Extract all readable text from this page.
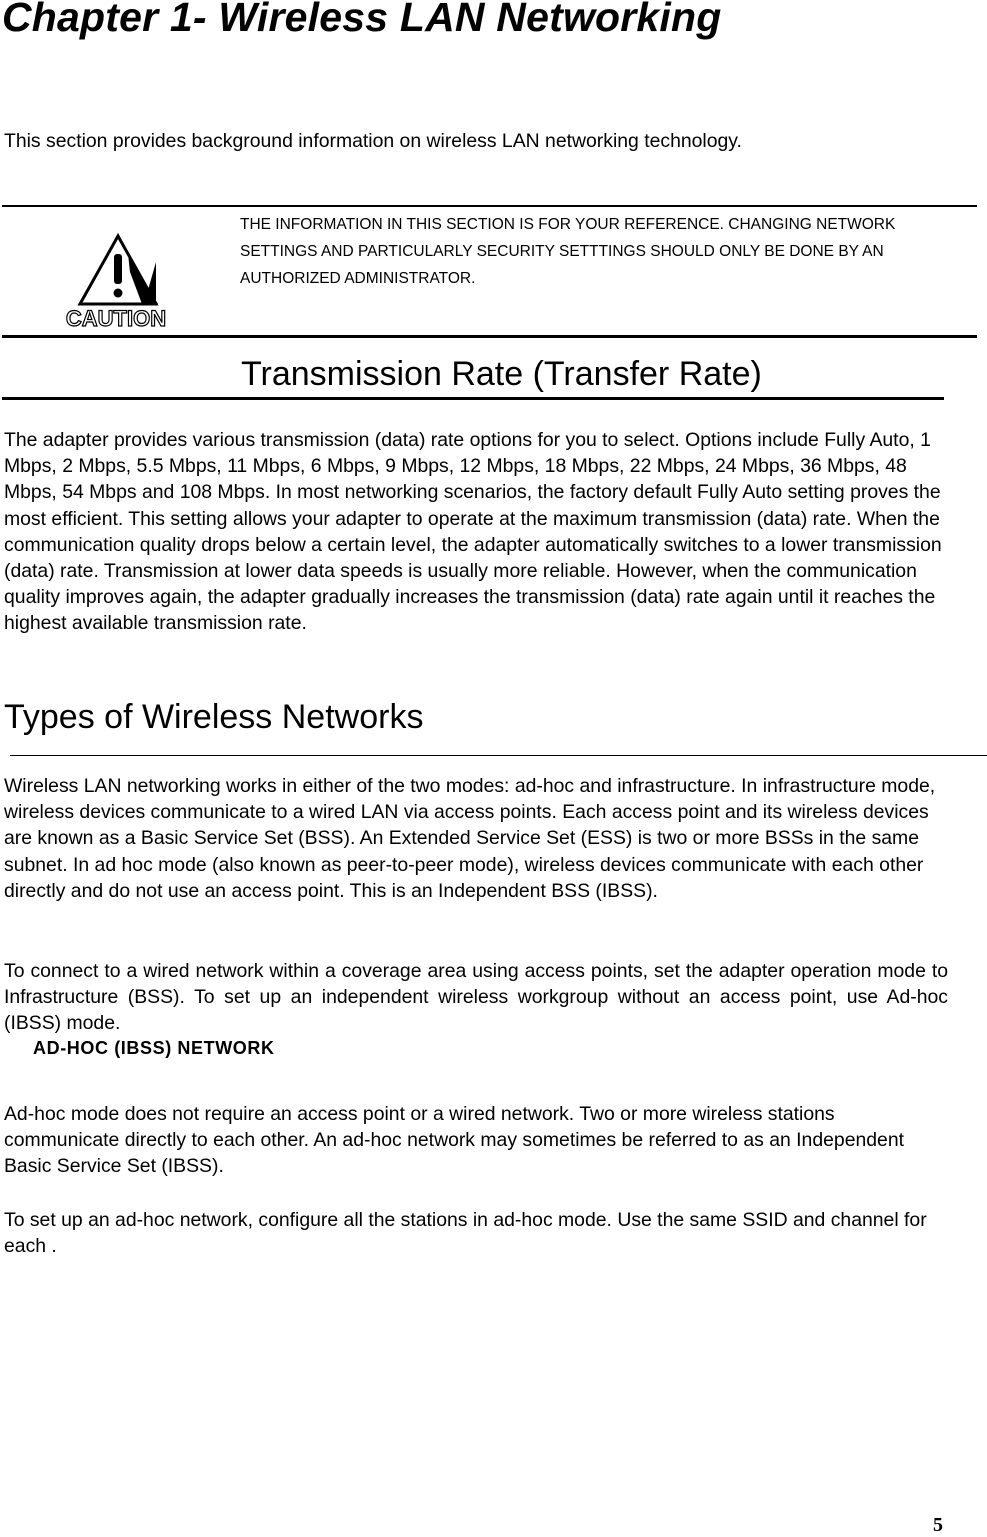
Chapter 1- Wireless LAN Networking

This section provides background information on wireless LAN networking technology.

CAUTION

THE INFORMATION IN THIS SECTION IS FOR YOUR REFERENCE. CHANGING NETWORK SETTINGS AND PARTICULARLY SECURITY SETTTINGS SHOULD ONLY BE DONE BY AN AUTHORIZED ADMINISTRATOR.

Transmission Rate (Transfer Rate)

The adapter provides various transmission (data) rate options for you to select. Options include Fully Auto, 1 Mbps, 2 Mbps, 5.5 Mbps, 11 Mbps, 6 Mbps, 9 Mbps, 12 Mbps, 18 Mbps, 22 Mbps, 24 Mbps, 36 Mbps, 48 Mbps, 54 Mbps and 108 Mbps. In most networking scenarios, the factory default Fully Auto setting proves the most efficient. This setting allows your adapter to operate at the maximum transmission (data) rate. When the communication quality drops below a certain level, the adapter automatically switches to a lower transmission (data) rate. Transmission at lower data speeds is usually more reliable. However, when the communication quality improves again, the adapter gradually increases the transmission (data) rate again until it reaches the highest available transmission rate.

Types of Wireless Networks

Wireless LAN networking works in either of the two modes: ad-hoc and infrastructure. In infrastructure mode, wireless devices communicate to a wired LAN via access points. Each access point and its wireless devices are known as a Basic Service Set (BSS). An Extended Service Set (ESS) is two or more BSSs in the same subnet. In ad hoc mode (also known as peer-to-peer mode), wireless devices communicate with each other directly and do not use an access point. This is an Independent BSS (IBSS).

To connect to a wired network within a coverage area using access points, set the adapter operation mode to Infrastructure (BSS). To set up an independent wireless workgroup without an access point, use Ad-hoc (IBSS) mode.

AD-HOC (IBSS) NETWORK

Ad-hoc mode does not require an access point or a wired network. Two or more wireless stations communicate directly to each other. An ad-hoc network may sometimes be referred to as an Independent Basic Service Set (IBSS).

To set up an ad-hoc network, configure all the stations in ad-hoc mode. Use the same SSID and channel for each .

5
